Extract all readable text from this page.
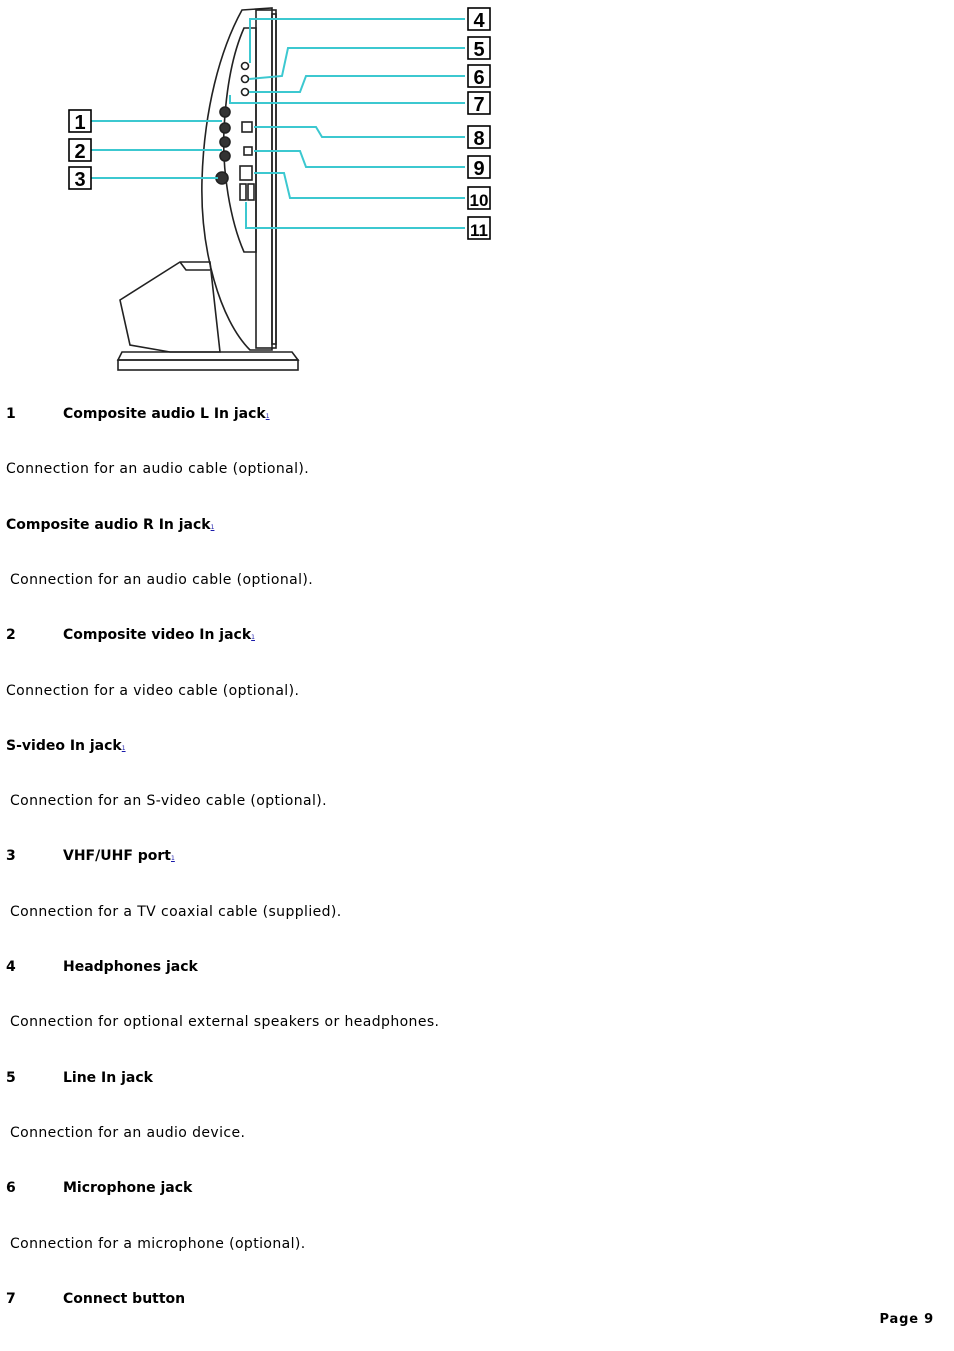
1
2
3
4
5
6
7
8
9
10
11
1	Composite audio L In jack1
Connection for an audio cable (optional).
Composite audio R In jack1
Connection for an audio cable (optional).
2	Composite video In jack1
Connection for a video cable (optional).
S-video In jack1
Connection for an S-video cable (optional).
3	VHF/UHF port1
Connection for a TV coaxial cable (supplied).
4	Headphones jack
Connection for optional external speakers or headphones.
5	Line In jack
Connection for an audio device.
6	Microphone jack
Connection for a microphone (optional).
7	Connect button
Page 9
